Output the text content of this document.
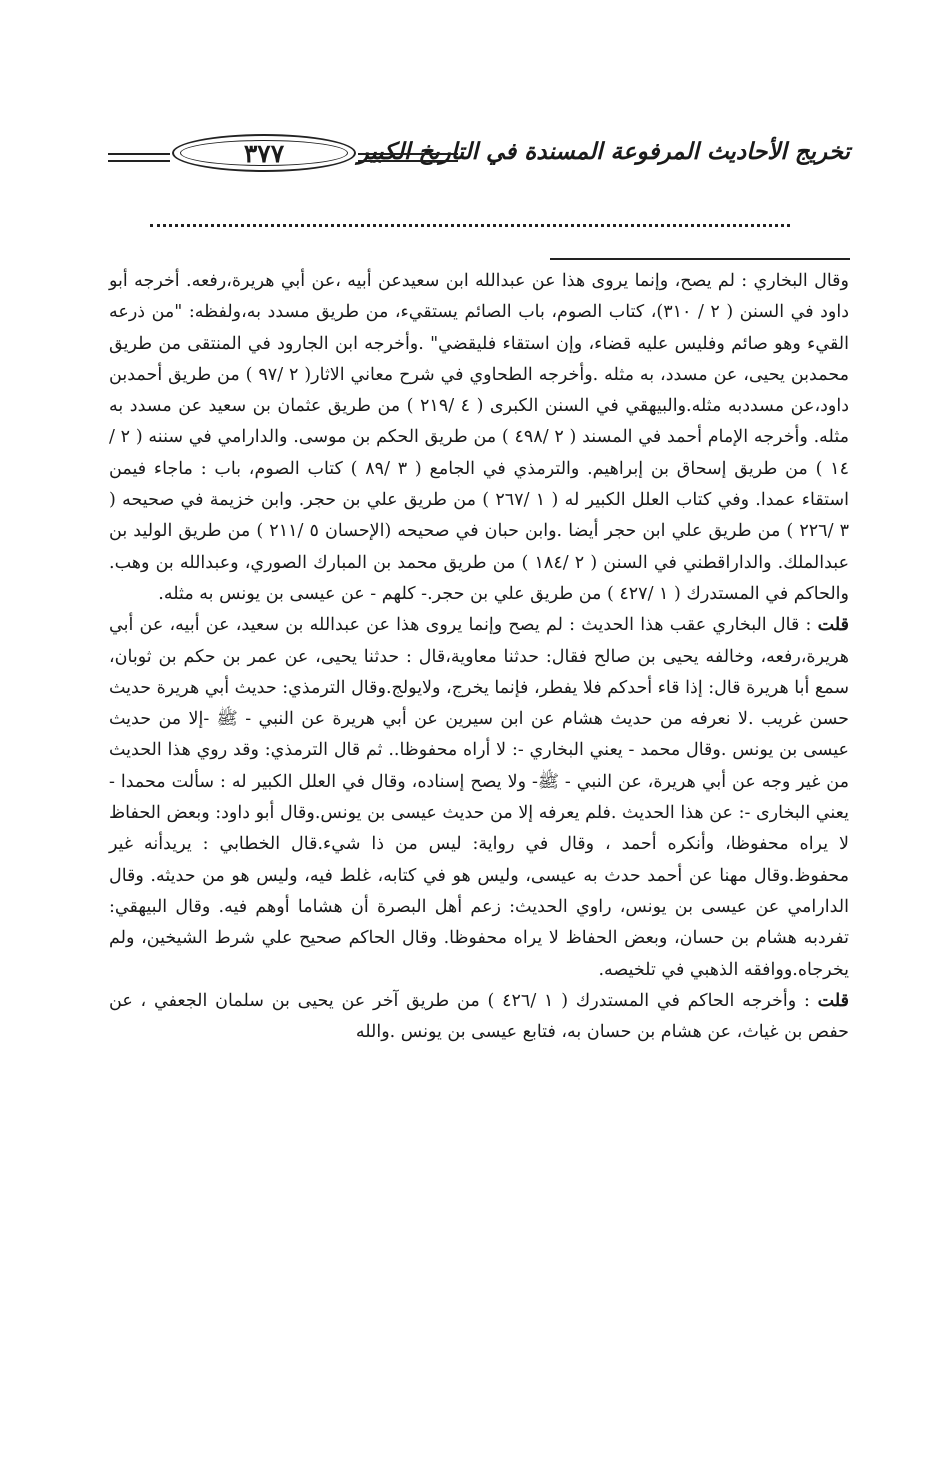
تخريج الأحاديث المرفوعة المسندة في التاريخ الكبير
٣٧٧

وقال البخاري : لم يصح، وإنما يروى هذا عن عبدالله ابن سعيدعن أبيه ،عن أبي هريرة،رفعه. أخرجه أبو داود في السنن ( ٢ / ٣١٠)، كتاب الصوم، باب الصائم يستقيء، من طريق مسدد به،ولفظه: "من ذرعه القيء وهو صائم وفليس عليه قضاء، وإن استقاء فليقضي" .وأخرجه ابن الجارود في المنتقى من طريق محمدبن يحيى، عن مسدد، به مثله .وأخرجه الطحاوي في شرح معاني الاثار( ٢ /٩٧ ) من طريق أحمدبن داود،عن مسددبه مثله.والبيهقي في السنن الكبرى ( ٤ /٢١٩ ) من طريق عثمان بن سعيد عن مسدد به مثله. وأخرجه الإمام أحمد في المسند ( ٢ /٤٩٨ ) من طريق الحكم بن موسى. والدارامي في سننه ( ٢ /١٤ ) من طريق إسحاق بن إبراهيم. والترمذي في الجامع ( ٣ /٨٩ ) كتاب الصوم، باب : ماجاء فيمن استقاء عمدا. وفي كتاب العلل الكبير له ( ١ /٢٦٧ ) من طريق علي بن حجر. وابن خزيمة في صحيحه ( ٣ /٢٢٦ ) من طريق علي ابن حجر أيضا .وابن حبان في صحيحه (الإحسان ٥ /٢١١ ) من طريق الوليد بن عبدالملك. والداراقطني في السنن ( ٢ /١٨٤ ) من طريق محمد بن المبارك الصوري، وعبدالله بن وهب. والحاكم في المستدرك ( ١ /٤٢٧ ) من طريق علي بن حجر.- كلهم - عن عيسى بن يونس به مثله.

قلت : قال البخاري عقب هذا الحديث : لم يصح وإنما يروى هذا عن عبدالله بن سعيد، عن أبيه، عن أبي هريرة،رفعه، وخالفه يحيى بن صالح فقال: حدثنا معاوية،قال : حدثنا يحيى، عن عمر بن حكم بن ثوبان، سمع أبا هريرة قال: إذا قاء أحدكم فلا يفطر، فإنما يخرج، ولايولج.وقال الترمذي: حديث أبي هريرة حديث حسن غريب .لا نعرفه من حديث هشام عن ابن سيرين عن أبي هريرة عن النبي - ﷺ -إلا من حديث عيسى بن يونس .وقال محمد - يعني البخاري -: لا أراه محفوظا.. ثم قال الترمذي: وقد روي هذا الحديث من غير وجه عن أبي هريرة، عن النبي - ﷺ- ولا يصح إسناده، وقال في العلل الكبير له : سألت محمدا - يعني البخارى -: عن هذا الحديث .فلم يعرفه إلا من حديث عيسى بن يونس.وقال أبو داود: وبعض الحفاظ لا يراه محفوظا، وأنكره أحمد ، وقال في رواية: ليس من ذا شيء.قال الخطابي : يريدأنه غير محفوظ.وقال مهنا عن أحمد حدث به عيسى، وليس هو في كتابه، غلط فيه، وليس هو من حديثه. وقال الدارامي عن عيسى بن يونس، راوي الحديث: زعم أهل البصرة أن هشاما أوهم فيه. وقال البيهقي: تفردبه هشام بن حسان، وبعض الحفاظ لا يراه محفوظا. وقال الحاكم صحيح علي شرط الشيخين، ولم يخرجاه.ووافقه الذهبي في تلخيصه.

قلت : وأخرجه الحاكم في المستدرك ( ١ /٤٢٦ ) من طريق آخر عن يحيى بن سلمان الجعفي ، عن حفص بن غياث، عن هشام بن حسان به، فتابع عيسى بن يونس .والله
